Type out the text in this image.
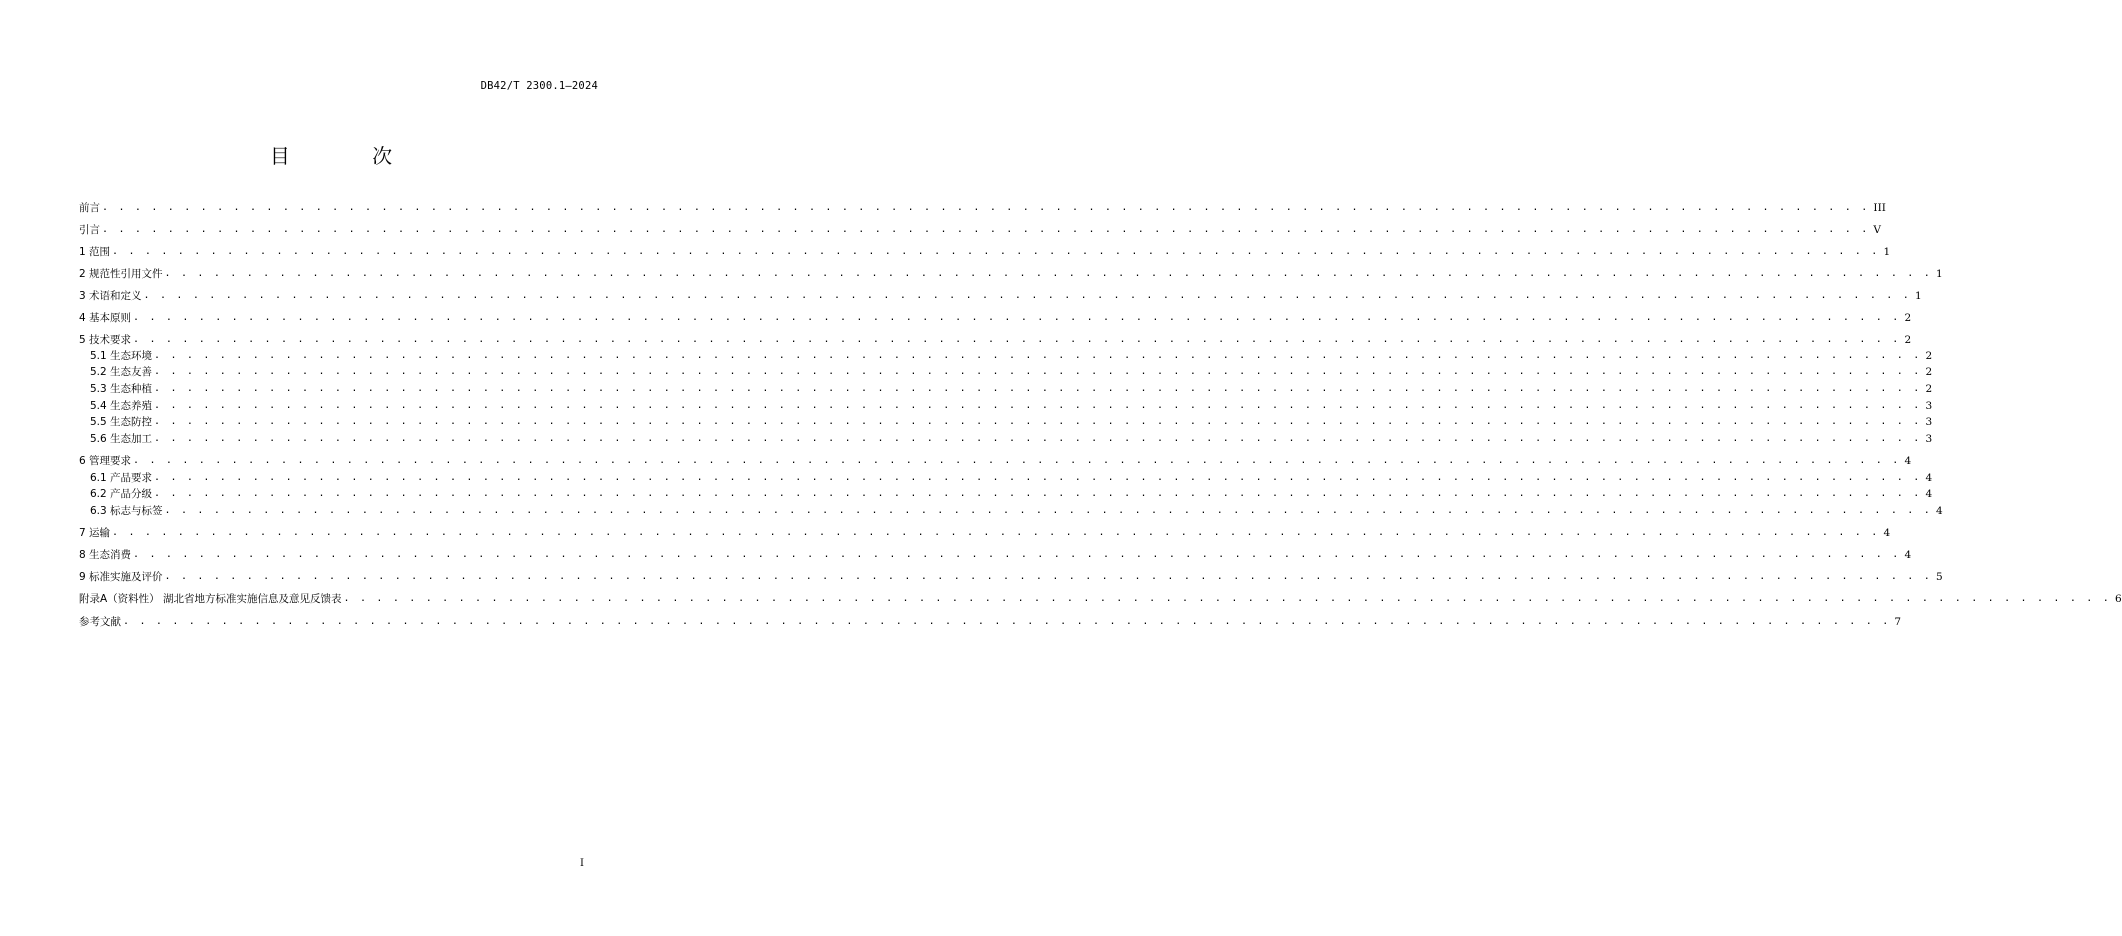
DB42/T 2300.1—2024
目 次
前言 . . . . . . . . . . . . . . . . . . . . . . . . . . . . . . . . . . . . . . . . . . . . . . . . . . . . . . . . . . . . . . . . . . . . . . . . . . . . . . . . . . . . . . . . . . . . . . . . . . . . . . . . . . . . III
引言 . . . . . . . . . . . . . . . . . . . . . . . . . . . . . . . . . . . . . . . . . . . . . . . . . . . . . . . . . . . . . . . . . . . . . . . . . . . . . . . . . . . . . . . . . . . . . . . . . . . . . . . . . . . . V
1 范围 . . . . . . . . . . . . . . . . . . . . . . . . . . . . . . . . . . . . . . . . . . . . . . . . . . . . . . . . . . . . . . . . . . . . . . . . . . . . . . . . . . . . . . . . . . . . . . . . . . . . . . . . . . . . 1
2 规范性引用文件 . . . . . . . . . . . . . . . . . . . . . . . . . . . . . . . . . . . . . . . . . . . . . . . . . . . . . . . . . . . . . . . . . . . . . . . . . . . . . . . . . . . . . . . . . . . . . . . . . . . . . . . . . . . . 1
3 术语和定义 . . . . . . . . . . . . . . . . . . . . . . . . . . . . . . . . . . . . . . . . . . . . . . . . . . . . . . . . . . . . . . . . . . . . . . . . . . . . . . . . . . . . . . . . . . . . . . . . . . . . . . . . . . . . 1
4 基本原则 . . . . . . . . . . . . . . . . . . . . . . . . . . . . . . . . . . . . . . . . . . . . . . . . . . . . . . . . . . . . . . . . . . . . . . . . . . . . . . . . . . . . . . . . . . . . . . . . . . . . . . . . . . . . 2
5 技术要求 . . . . . . . . . . . . . . . . . . . . . . . . . . . . . . . . . . . . . . . . . . . . . . . . . . . . . . . . . . . . . . . . . . . . . . . . . . . . . . . . . . . . . . . . . . . . . . . . . . . . . . . . . . . . 2
5.1 生态环境 . . . . . . . . . . . . . . . . . . . . . . . . . . . . . . . . . . . . . . . . . . . . . . . . . . . . . . . . . . . . . . . . . . . . . . . . . . . . . . . . . . . . . . . . . . . . . . . . . . . . . . . . . . . . 2
5.2 生态友善 . . . . . . . . . . . . . . . . . . . . . . . . . . . . . . . . . . . . . . . . . . . . . . . . . . . . . . . . . . . . . . . . . . . . . . . . . . . . . . . . . . . . . . . . . . . . . . . . . . . . . . . . . . . . 2
5.3 生态种植 . . . . . . . . . . . . . . . . . . . . . . . . . . . . . . . . . . . . . . . . . . . . . . . . . . . . . . . . . . . . . . . . . . . . . . . . . . . . . . . . . . . . . . . . . . . . . . . . . . . . . . . . . . . . 2
5.4 生态养殖 . . . . . . . . . . . . . . . . . . . . . . . . . . . . . . . . . . . . . . . . . . . . . . . . . . . . . . . . . . . . . . . . . . . . . . . . . . . . . . . . . . . . . . . . . . . . . . . . . . . . . . . . . . . . 3
5.5 生态防控 . . . . . . . . . . . . . . . . . . . . . . . . . . . . . . . . . . . . . . . . . . . . . . . . . . . . . . . . . . . . . . . . . . . . . . . . . . . . . . . . . . . . . . . . . . . . . . . . . . . . . . . . . . . . 3
5.6 生态加工 . . . . . . . . . . . . . . . . . . . . . . . . . . . . . . . . . . . . . . . . . . . . . . . . . . . . . . . . . . . . . . . . . . . . . . . . . . . . . . . . . . . . . . . . . . . . . . . . . . . . . . . . . . . . 3
6 管理要求 . . . . . . . . . . . . . . . . . . . . . . . . . . . . . . . . . . . . . . . . . . . . . . . . . . . . . . . . . . . . . . . . . . . . . . . . . . . . . . . . . . . . . . . . . . . . . . . . . . . . . . . . . . . . 4
6.1 产品要求 . . . . . . . . . . . . . . . . . . . . . . . . . . . . . . . . . . . . . . . . . . . . . . . . . . . . . . . . . . . . . . . . . . . . . . . . . . . . . . . . . . . . . . . . . . . . . . . . . . . . . . . . . . . . 4
6.2 产品分级 . . . . . . . . . . . . . . . . . . . . . . . . . . . . . . . . . . . . . . . . . . . . . . . . . . . . . . . . . . . . . . . . . . . . . . . . . . . . . . . . . . . . . . . . . . . . . . . . . . . . . . . . . . . . 4
6.3 标志与标签 . . . . . . . . . . . . . . . . . . . . . . . . . . . . . . . . . . . . . . . . . . . . . . . . . . . . . . . . . . . . . . . . . . . . . . . . . . . . . . . . . . . . . . . . . . . . . . . . . . . . . . . . . . . . 4
7 运输 . . . . . . . . . . . . . . . . . . . . . . . . . . . . . . . . . . . . . . . . . . . . . . . . . . . . . . . . . . . . . . . . . . . . . . . . . . . . . . . . . . . . . . . . . . . . . . . . . . . . . . . . . . . . 4
8 生态消费 . . . . . . . . . . . . . . . . . . . . . . . . . . . . . . . . . . . . . . . . . . . . . . . . . . . . . . . . . . . . . . . . . . . . . . . . . . . . . . . . . . . . . . . . . . . . . . . . . . . . . . . . . . . . 4
9 标准实施及评价 . . . . . . . . . . . . . . . . . . . . . . . . . . . . . . . . . . . . . . . . . . . . . . . . . . . . . . . . . . . . . . . . . . . . . . . . . . . . . . . . . . . . . . . . . . . . . . . . . . . . . . . . . . . . 5
附录A（资料性） 湖北省地方标准实施信息及意见反馈表 . . . . . . . . . . . . . . . . . . . . . . . . . . . . . . . . . . . . . . . . . . . . . . . . . . . . . . . . . . . . . . . . . . . . . . . . . . . . . . . . . . . . . . . . . . . . . . . . . . . . . . . . . . . . 6
参考文献 . . . . . . . . . . . . . . . . . . . . . . . . . . . . . . . . . . . . . . . . . . . . . . . . . . . . . . . . . . . . . . . . . . . . . . . . . . . . . . . . . . . . . . . . . . . . . . . . . . . . . . . . . . . . 7
I
